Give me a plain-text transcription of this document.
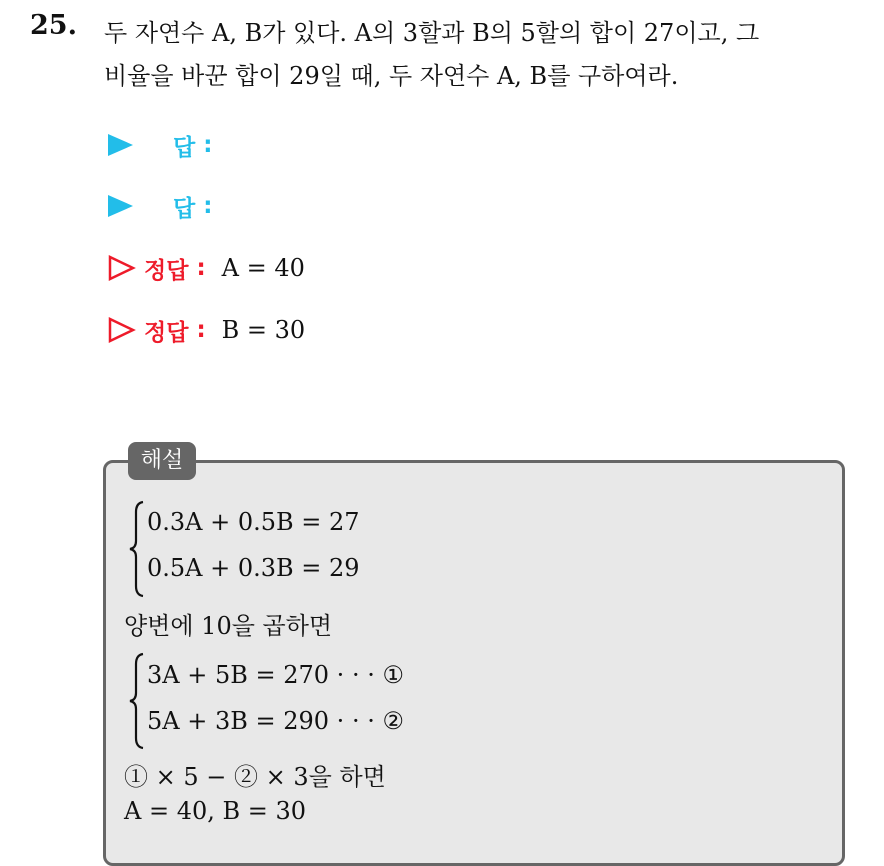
25. 두 자연수 A, B가 있다. A의 3할과 B의 5할의 합이 27이고, 그
비율을 바꾼 합이 29일 때, 두 자연수 A, B를 구하여라.
답 :
답 :
정답 : A = 40
정답 : B = 30
해설
0.3A + 0.5B = 27
0.5A + 0.3B = 29
양변에 10을 곱하면
3A + 5B = 270 · · · ①
5A + 3B = 290 · · · ②
① × 5 − ② × 3을 하면
A = 40, B = 30
